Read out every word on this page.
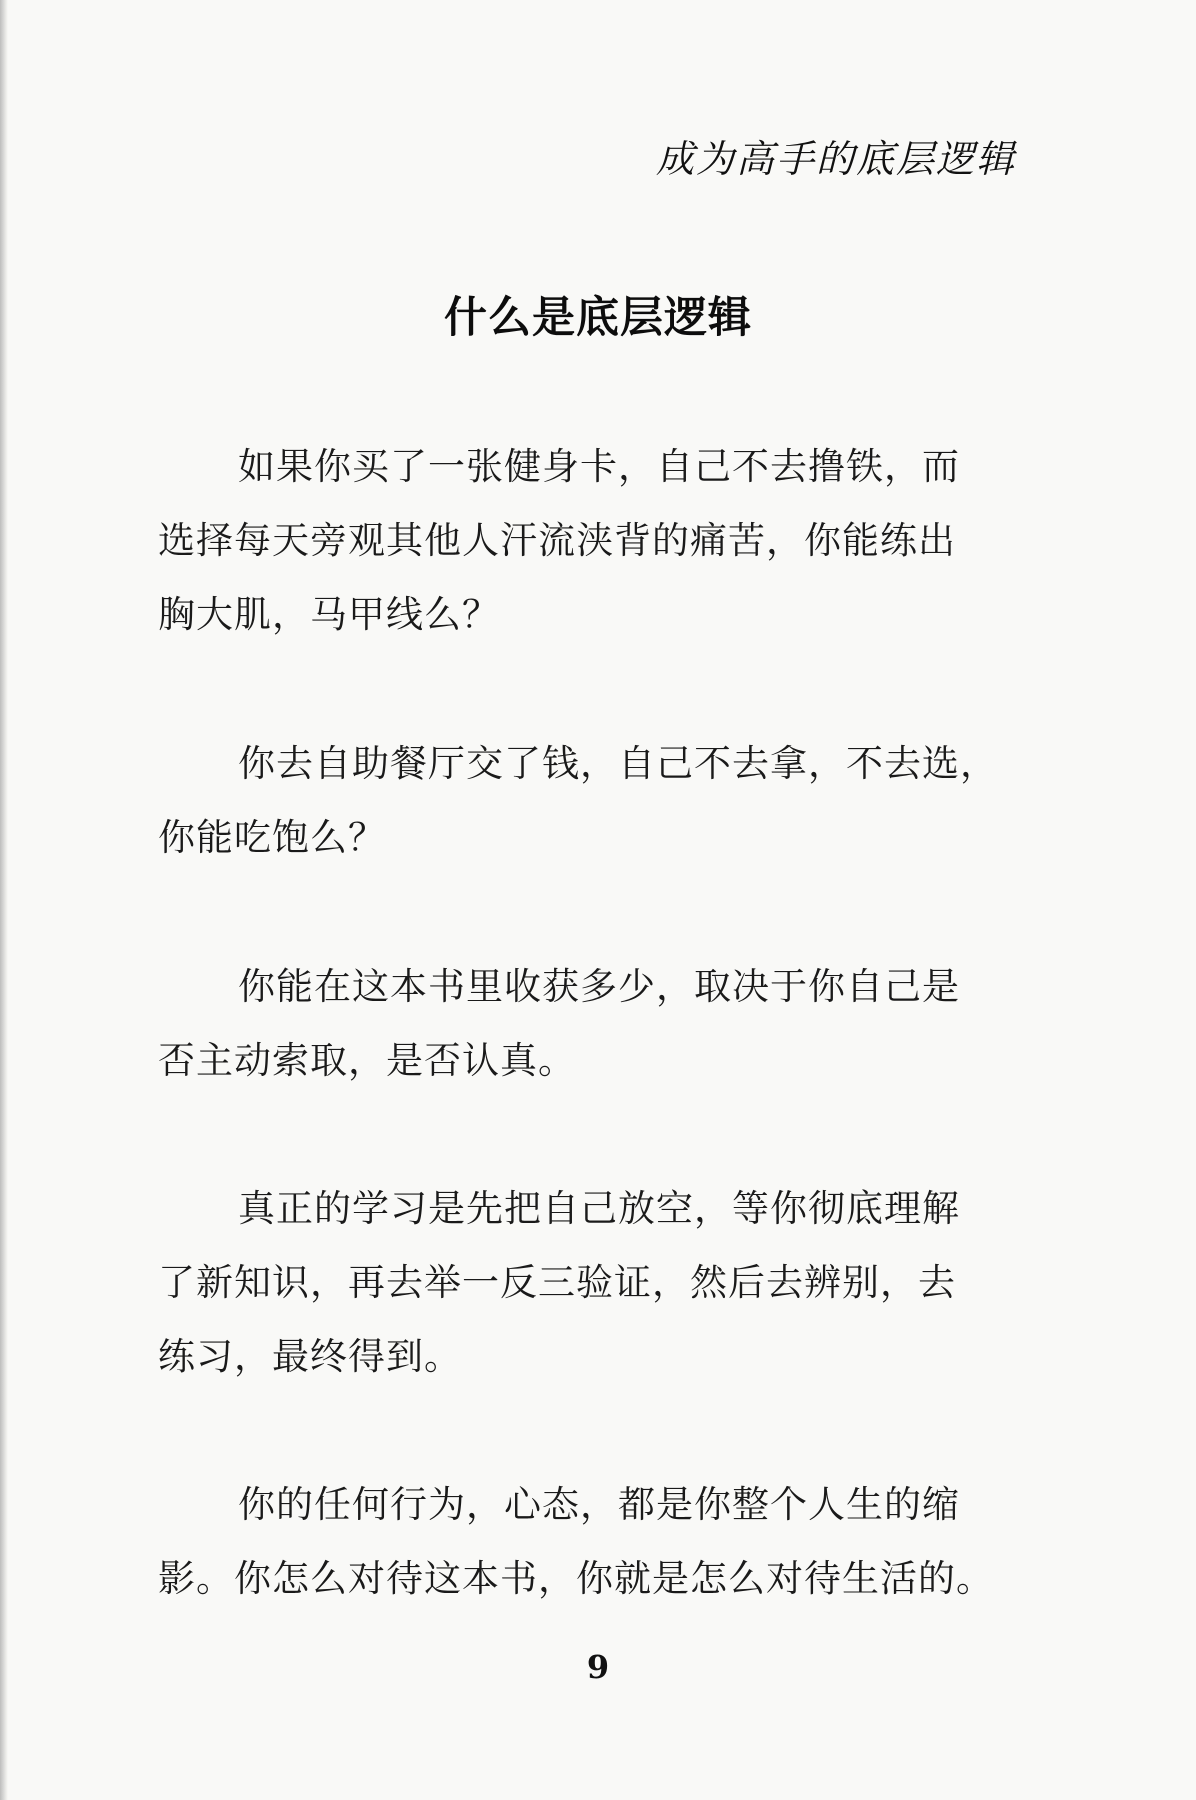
成为高手的底层逻辑
什么是底层逻辑
如果你买了一张健身卡，自己不去撸铁，而
选择每天旁观其他人汗流浃背的痛苦，你能练出
胸大肌，马甲线么？
你去自助餐厅交了钱，自己不去拿，不去选，
你能吃饱么？
你能在这本书里收获多少，取决于你自己是
否主动索取，是否认真。
真正的学习是先把自己放空，等你彻底理解
了新知识，再去举一反三验证，然后去辨别，去
练习，最终得到。
你的任何行为，心态，都是你整个人生的缩
影。你怎么对待这本书，你就是怎么对待生活的。
9
